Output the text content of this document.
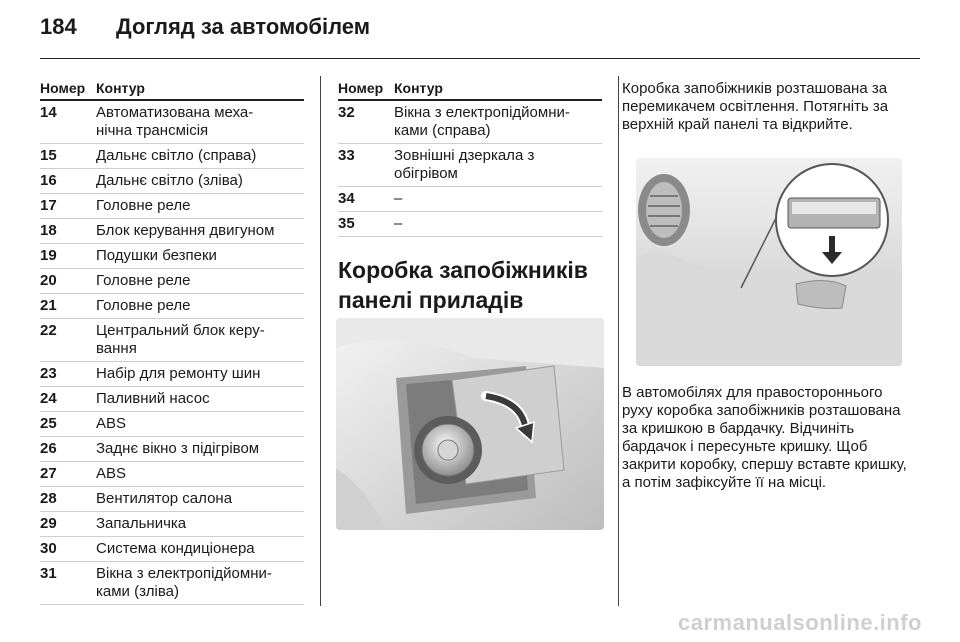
184	Догляд за автомобілем
Номер Контур
14	Автоматизована меха-
нічна трансмісія
15	Дальнє світло (справа)
16	Дальнє світло (зліва)
17	Головне реле
18	Блок керування двигуном
19	Подушки безпеки
20	Головне реле
21	Головне реле
22	Центральний блок керу-
вання
23	Набір для ремонту шин
24	Паливний насос
25	ABS
26	Заднє вікно з підігрівом
27	ABS
28	Вентилятор салона
29	Запальничка
30	Система кондиціонера
31	Вікна з електропідйомни-
ками (зліва)
Номер Контур
32	Вікна з електропідйомни-
ками (справа)
33	Зовнішні дзеркала з
обігрівом
34	–
35	–
Коробка запобіжників панелі приладів

Коробка запобіжників розташована за перемикачем освітлення. Потягніть за верхній край панелі та відкрийте.

В автомобілях для правостороннього руху коробка запобіжників розташована за кришкою в бардачку. Відчиніть бардачок і пересуньте кришку. Щоб закрити коробку, спершу вставте кришку, а потім зафіксуйте її на місці.
carmanualsonline.info
